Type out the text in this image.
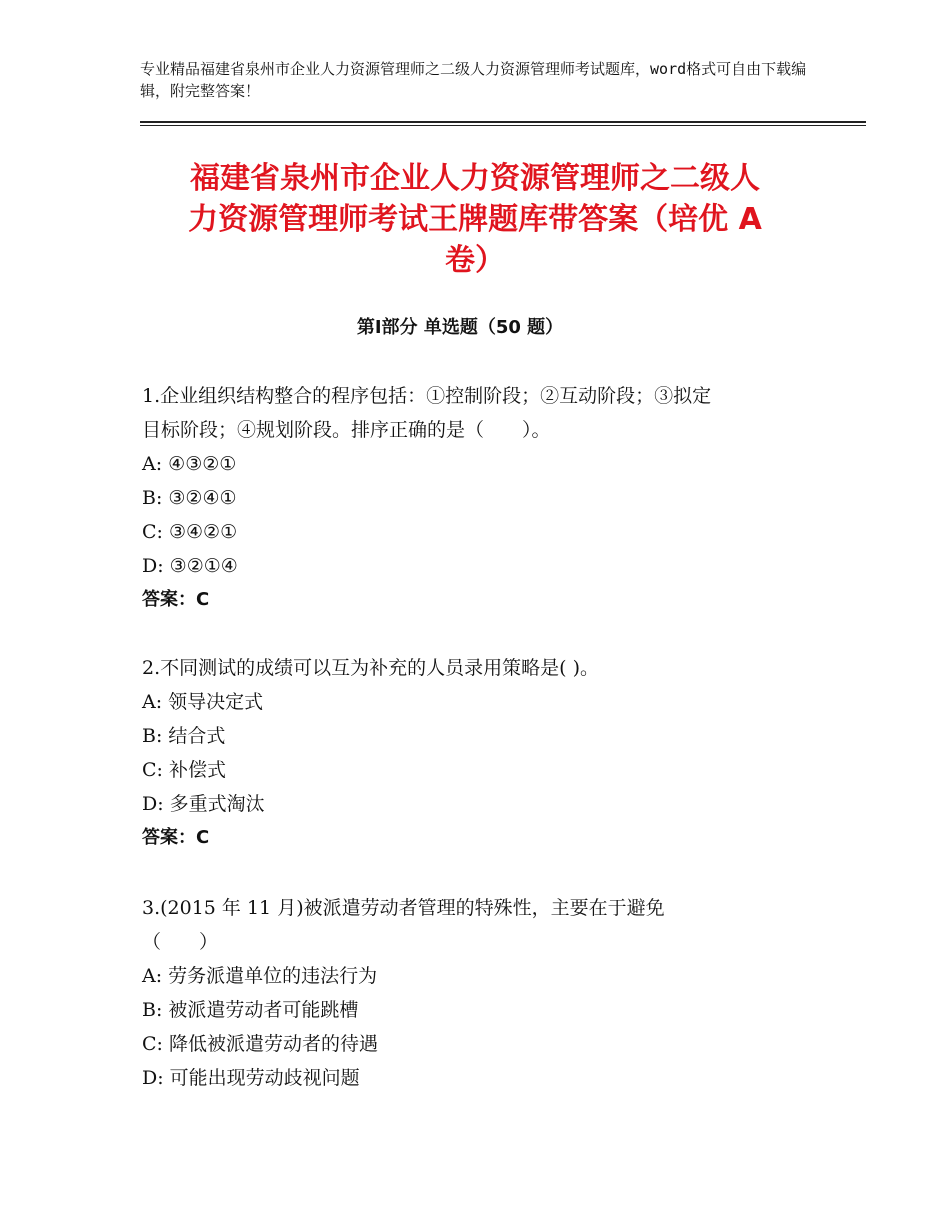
专业精品福建省泉州市企业人力资源管理师之二级人力资源管理师考试题库，word格式可自由下载编辑，附完整答案！
福建省泉州市企业人力资源管理师之二级人
力资源管理师考试王牌题库带答案（培优 A
卷）
第Ⅰ部分 单选题（50 题）

1.企业组织结构整合的程序包括：①控制阶段；②互动阶段；③拟定

目标阶段；④规划阶段。排序正确的是（　　）。

A: ④③②①

B: ③②④①

C: ③④②①

D: ③②①④

答案：C

2.不同测试的成绩可以互为补充的人员录用策略是( )。

A: 领导决定式

B: 结合式

C: 补偿式

D: 多重式淘汰

答案：C

3.(2015 年 11 月)被派遣劳动者管理的特殊性，主要在于避免

（　　）

A: 劳务派遣单位的违法行为

B: 被派遣劳动者可能跳槽

C: 降低被派遣劳动者的待遇

D: 可能出现劳动歧视问题
